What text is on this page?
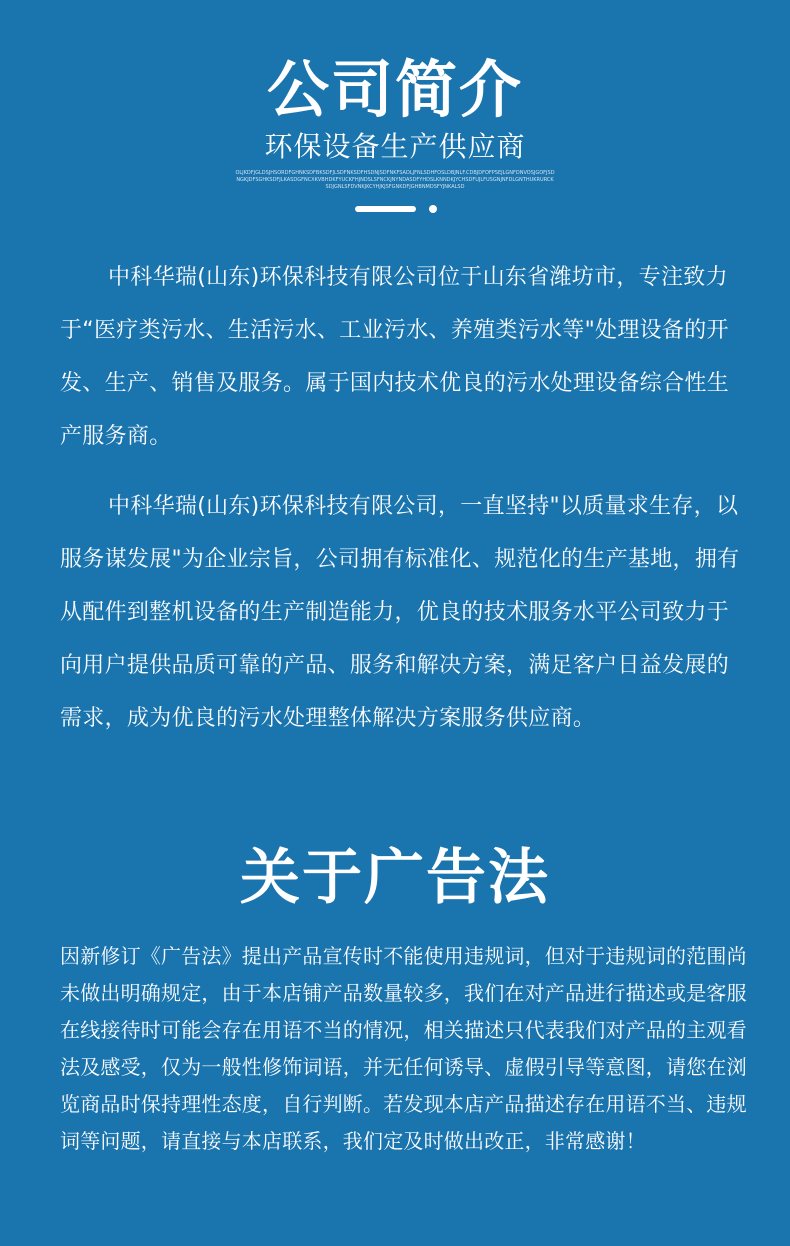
公司简介
环保设备生产供应商
OLJKDFJGLDSJHSORDFGHNKSDFBKSDFJLSDFNKSDFHSDNJSDFNKFSADLJFNLSDHFOSLDBJNLF.CDBJDFOFPSEJLGNFDNVOSJGOFJSDNGKJDFSGHKSDFJLKASDGFNCXKVBHDKFYUCKFHJNDSLSFNCKJNYNDASDFYHDSLKNNDKJYCHSDFUJLFUSGNJNFDLGNTHUKRURCKSDJGNLSFDVNKJKCYHJKJSFGNKDFJGHBNMDSFYJNKALSD
中科华瑞(山东)环保科技有限公司位于山东省潍坊市，专注致力于“医疗类污水、生活污水、工业污水、养殖类污水等"处理设备的开发、生产、销售及服务。属于国内技术优良的污水处理设备综合性生产服务商。
中科华瑞(山东)环保科技有限公司，一直坚持"以质量求生存，以服务谋发展"为企业宗旨，公司拥有标准化、规范化的生产基地，拥有从配件到整机设备的生产制造能力，优良的技术服务水平公司致力于向用户提供品质可靠的产品、服务和解决方案，满足客户日益发展的需求，成为优良的污水处理整体解决方案服务供应商。
关于广告法
因新修订《广告法》提出产品宣传时不能使用违规词，但对于违规词的范围尚未做出明确规定，由于本店铺产品数量较多，我们在对产品进行描述或是客服在线接待时可能会存在用语不当的情况，相关描述只代表我们对产品的主观看法及感受，仅为一般性修饰词语，并无任何诱导、虚假引导等意图，请您在浏览商品时保持理性态度，自行判断。若发现本店产品描述存在用语不当、违规词等问题，请直接与本店联系，我们定及时做出改正，非常感谢！
